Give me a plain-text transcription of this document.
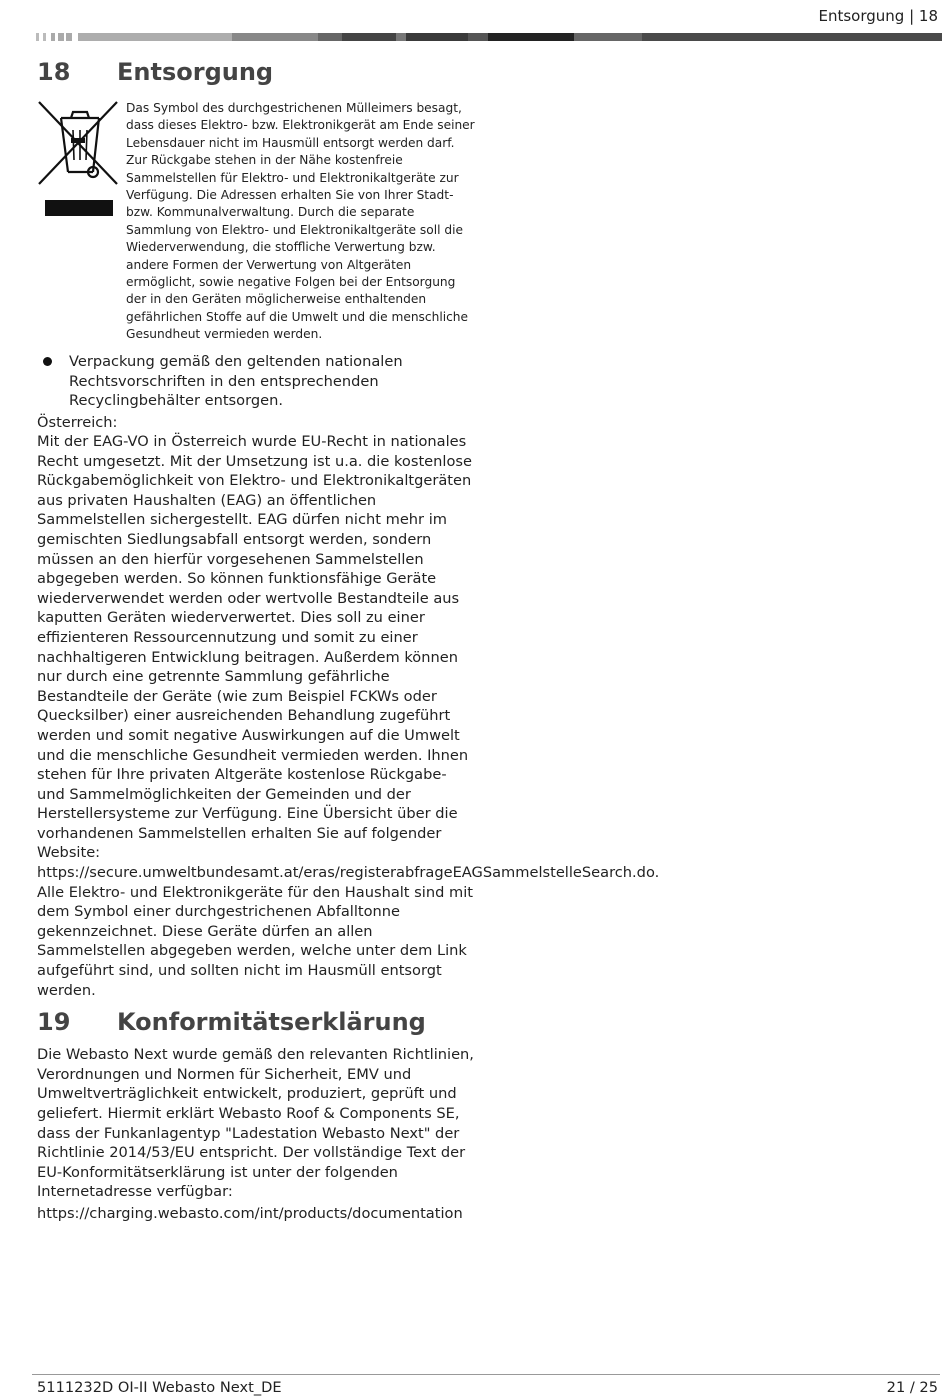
Entsorgung | 18
18	Entsorgung
Das Symbol des durchgestrichenen Mülleimers besagt, dass dieses Elektro- bzw. Elektronikgerät am Ende seiner Lebensdauer nicht im Hausmüll entsorgt werden darf. Zur Rückgabe stehen in der Nähe kostenfreie Sammelstellen für Elektro- und Elektronikaltgeräte zur Verfügung. Die Adressen erhalten Sie von Ihrer Stadt- bzw. Kommunalverwaltung. Durch die separate Sammlung von Elektro- und Elektronikaltgeräte soll die Wiederverwendung, die stoffliche Verwertung bzw. andere Formen der Verwertung von Altgeräten ermöglicht, sowie negative Folgen bei der Entsorgung der in den Geräten möglicherweise enthaltenden gefährlichen Stoffe auf die Umwelt und die menschliche Gesundheut vermieden werden.
Verpackung gemäß den geltenden nationalen Rechtsvorschriften in den entsprechenden Recyclingbehälter entsorgen.
Österreich:

Mit der EAG-VO in Österreich wurde EU-Recht in nationales Recht umgesetzt. Mit der Umsetzung ist u.a. die kostenlose Rückgabemöglichkeit von Elektro- und Elektronikaltgeräten aus privaten Haushalten (EAG) an öffentlichen Sammelstellen sichergestellt. EAG dürfen nicht mehr im gemischten Siedlungsabfall entsorgt werden, sondern müssen an den hierfür vorgesehenen Sammelstellen abgegeben werden. So können funktionsfähige Geräte wiederverwendet werden oder wertvolle Bestandteile aus kaputten Geräten wiederverwertet. Dies soll zu einer effizienteren Ressourcennutzung und somit zu einer nachhaltigeren Entwicklung beitragen. Außerdem können nur durch eine getrennte Sammlung gefährliche Bestandteile der Geräte (wie zum Beispiel FCKWs oder Quecksilber) einer ausreichenden Behandlung zugeführt werden und somit negative Auswirkungen auf die Umwelt und die menschliche Gesundheit vermieden werden. Ihnen stehen für Ihre privaten Altgeräte kostenlose Rückgabe- und Sammelmöglichkeiten der Gemeinden und der Herstellersysteme zur Verfügung. Eine Übersicht über die vorhandenen Sammelstellen erhalten Sie auf folgender Website: https://secure.umweltbundesamt.at/eras/registerabfrageEAGSammelstelleSearch.do. Alle Elektro- und Elektronikgeräte für den Haushalt sind mit dem Symbol einer durchgestrichenen Abfalltonne gekennzeichnet. Diese Geräte dürfen an allen Sammelstellen abgegeben werden, welche unter dem Link aufgeführt sind, und sollten nicht im Hausmüll entsorgt werden.

19	Konformitätserklärung

Die Webasto Next wurde gemäß den relevanten Richtlinien, Verordnungen und Normen für Sicherheit, EMV und Umweltverträglichkeit entwickelt, produziert, geprüft und geliefert. Hiermit erklärt Webasto Roof & Components SE, dass der Funkanlagentyp "Ladestation Webasto Next" der Richtlinie 2014/53/EU entspricht. Der vollständige Text der EU-Konformitätserklärung ist unter der folgenden Internetadresse verfügbar:

https://charging.webasto.com/int/products/documentation
5111232D OI-II Webasto Next_DE	21 / 25
